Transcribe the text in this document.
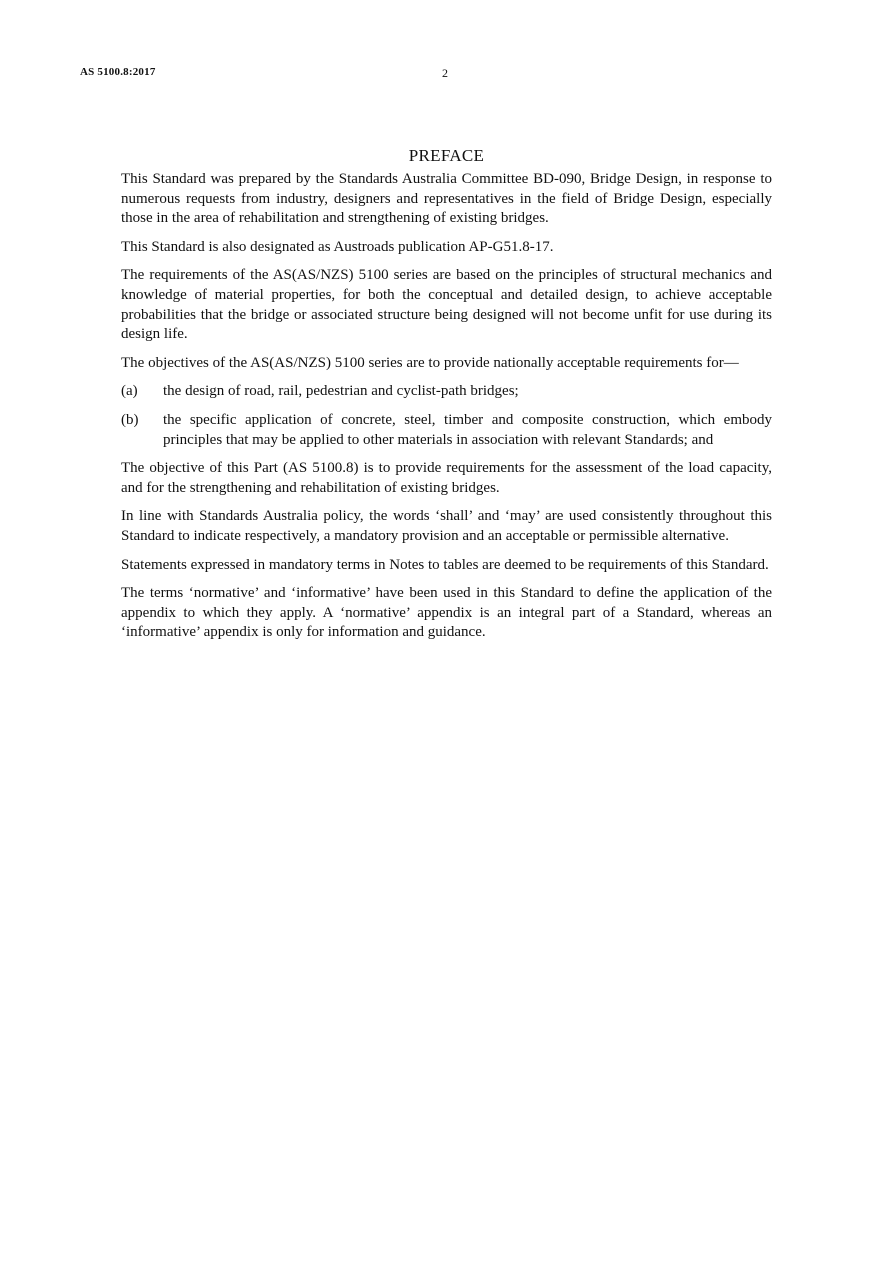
AS 5100.8:2017	2
PREFACE

This Standard was prepared by the Standards Australia Committee BD-090, Bridge Design, in response to numerous requests from industry, designers and representatives in the field of Bridge Design, especially those in the area of rehabilitation and strengthening of existing bridges.

This Standard is also designated as Austroads publication AP-G51.8-17.

The requirements of the AS(AS/NZS) 5100 series are based on the principles of structural mechanics and knowledge of material properties, for both the conceptual and detailed design, to achieve acceptable probabilities that the bridge or associated structure being designed will not become unfit for use during its design life.

The objectives of the AS(AS/NZS) 5100 series are to provide nationally acceptable requirements for—

(a)	the design of road, rail, pedestrian and cyclist-path bridges;
(b)	the specific application of concrete, steel, timber and composite construction, which embody principles that may be applied to other materials in association with relevant Standards; and

The objective of this Part (AS 5100.8) is to provide requirements for the assessment of the load capacity, and for the strengthening and rehabilitation of existing bridges.

In line with Standards Australia policy, the words ‘shall’ and ‘may’ are used consistently throughout this Standard to indicate respectively, a mandatory provision and an acceptable or permissible alternative.

Statements expressed in mandatory terms in Notes to tables are deemed to be requirements of this Standard.

The terms ‘normative’ and ‘informative’ have been used in this Standard to define the application of the appendix to which they apply. A ‘normative’ appendix is an integral part of a Standard, whereas an ‘informative’ appendix is only for information and guidance.
